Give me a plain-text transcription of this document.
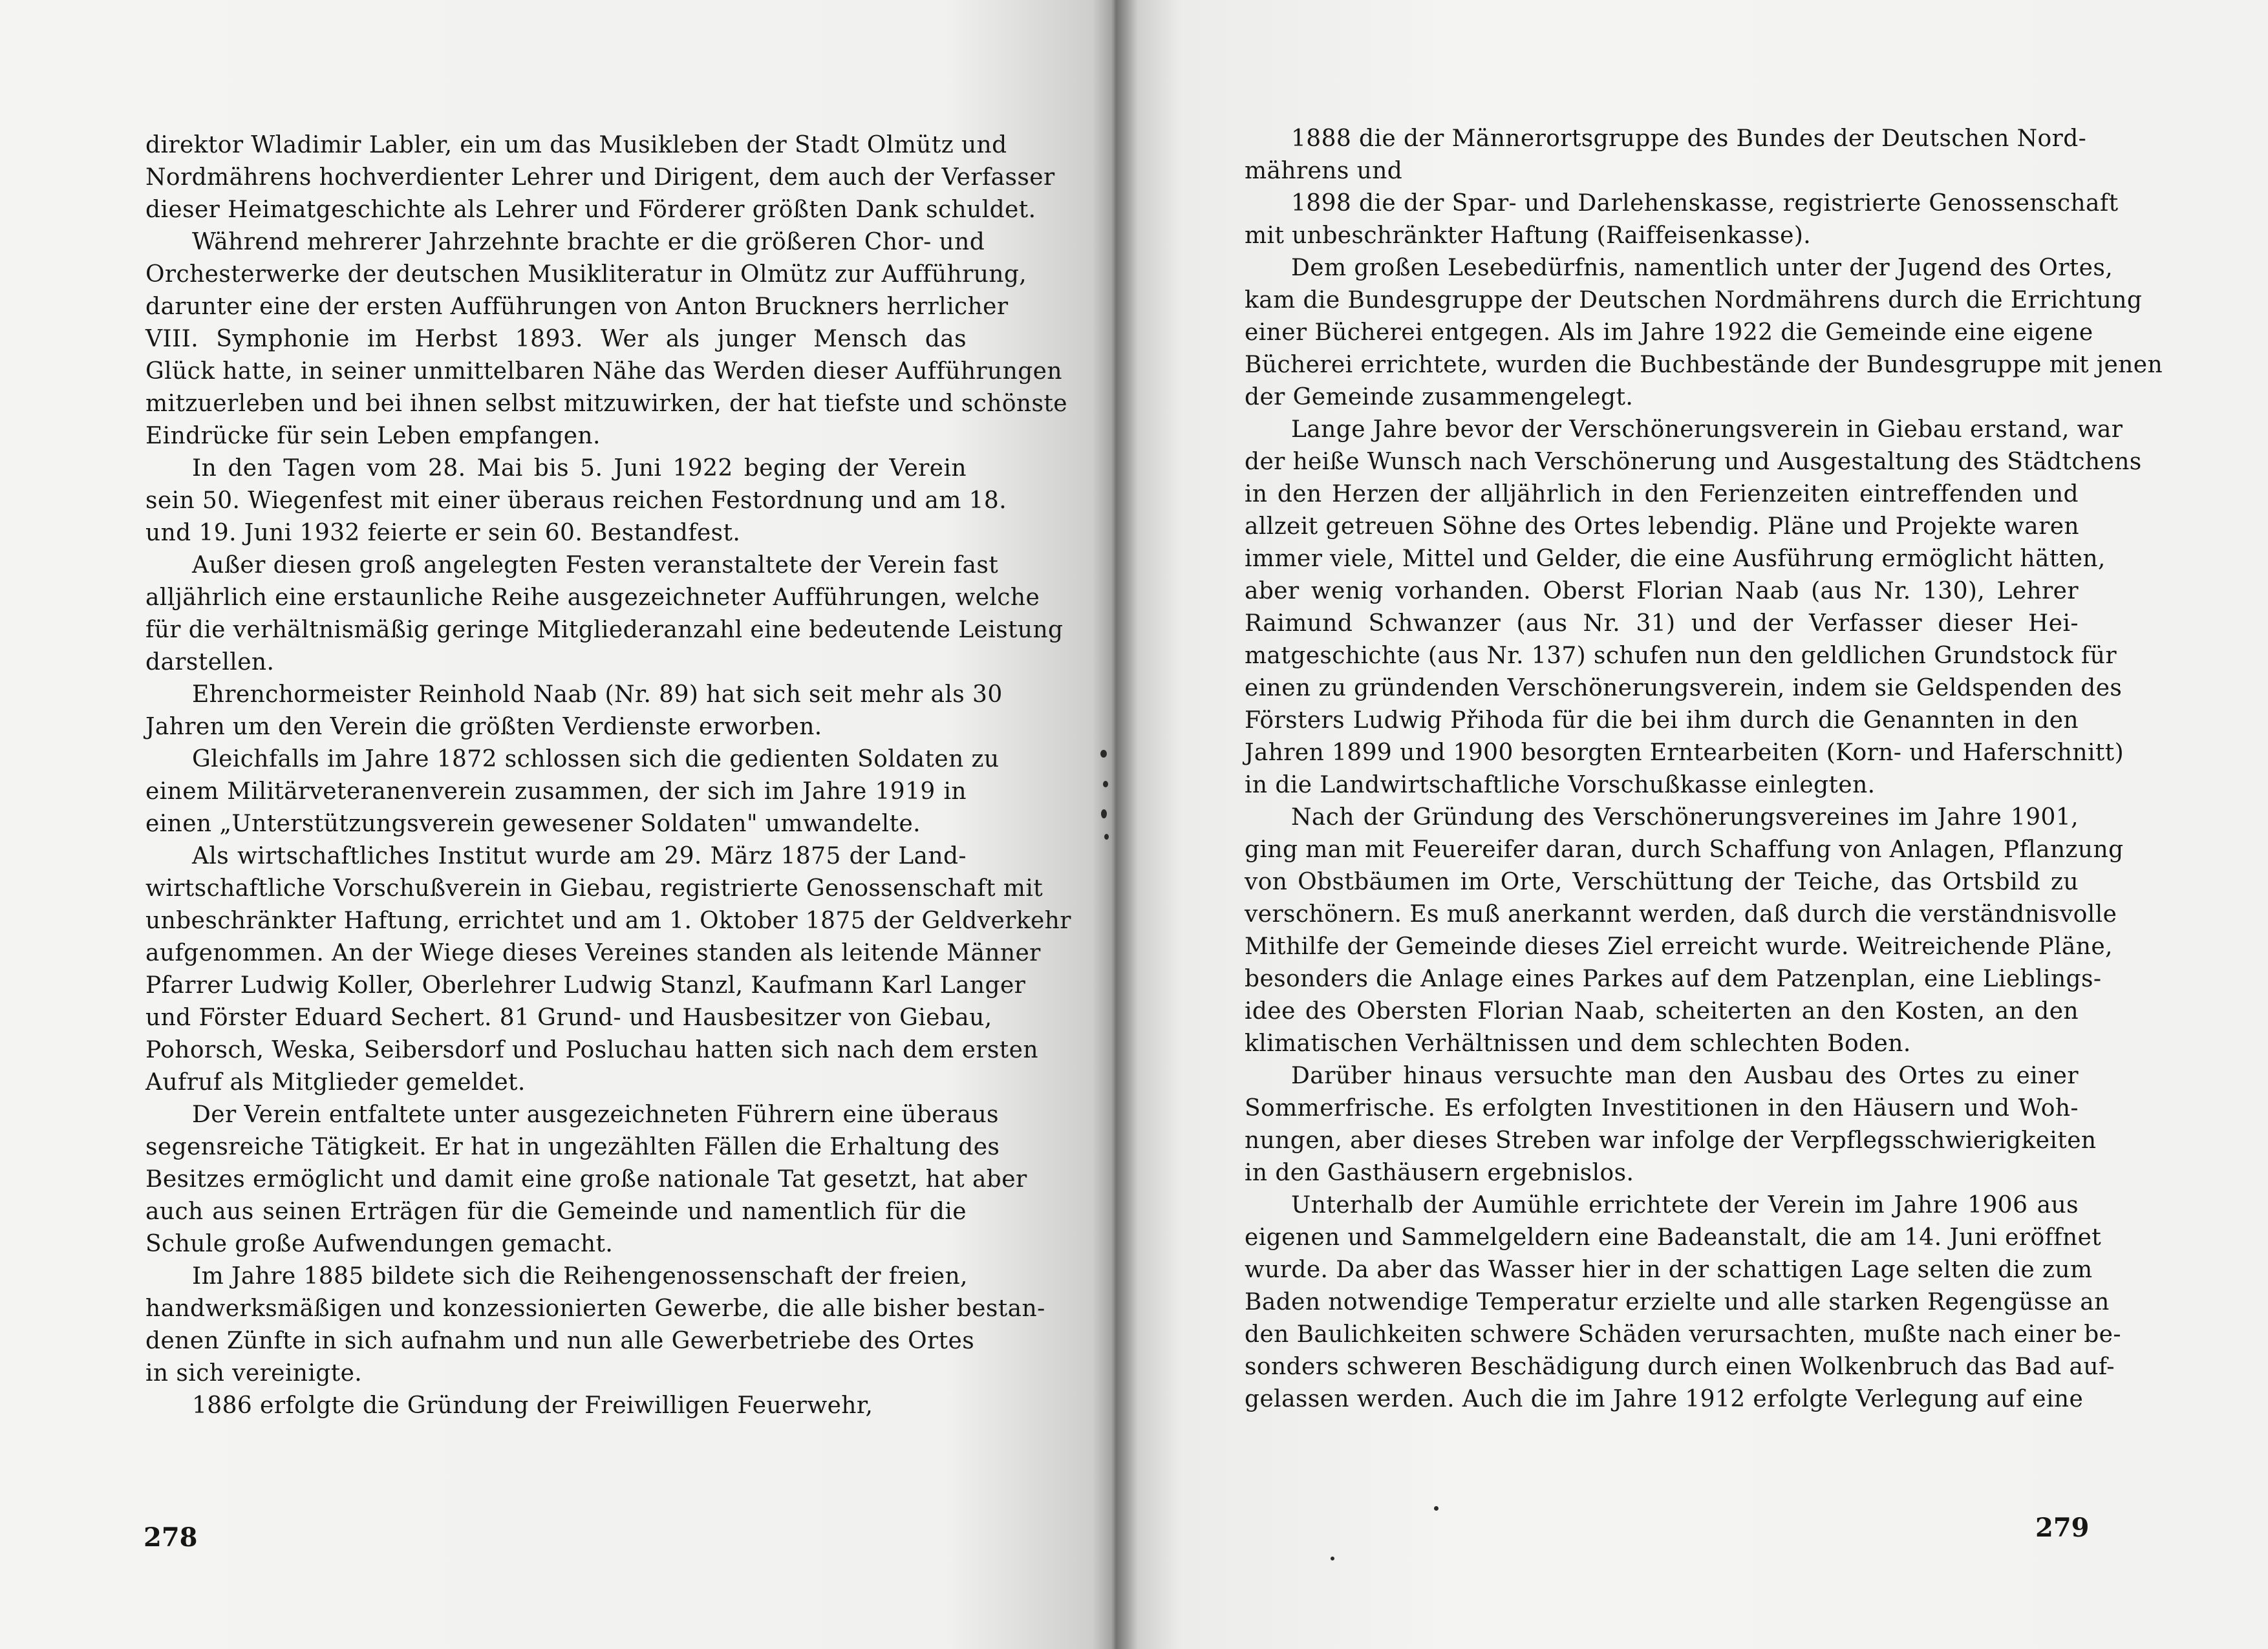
direktor Wladimir Labler, ein um das Musikleben der Stadt Olmütz und
Nordmährens hochverdienter Lehrer und Dirigent, dem auch der Verfasser
dieser Heimatgeschichte als Lehrer und Förderer größten Dank schuldet.
Während mehrerer Jahrzehnte brachte er die größeren Chor- und
Orchesterwerke der deutschen Musikliteratur in Olmütz zur Aufführung,
darunter eine der ersten Aufführungen von Anton Bruckners herrlicher
VIII. Symphonie im Herbst 1893. Wer als junger Mensch das
Glück hatte, in seiner unmittelbaren Nähe das Werden dieser Aufführungen
mitzuerleben und bei ihnen selbst mitzuwirken, der hat tiefste und schönste
Eindrücke für sein Leben empfangen.
In den Tagen vom 28. Mai bis 5. Juni 1922 beging der Verein
sein 50. Wiegenfest mit einer überaus reichen Festordnung und am 18.
und 19. Juni 1932 feierte er sein 60. Bestandfest.
Außer diesen groß angelegten Festen veranstaltete der Verein fast
alljährlich eine erstaunliche Reihe ausgezeichneter Aufführungen, welche
für die verhältnismäßig geringe Mitgliederanzahl eine bedeutende Leistung
darstellen.
Ehrenchormeister Reinhold Naab (Nr. 89) hat sich seit mehr als 30
Jahren um den Verein die größten Verdienste erworben.
Gleichfalls im Jahre 1872 schlossen sich die gedienten Soldaten zu
einem Militärveteranenverein zusammen, der sich im Jahre 1919 in
einen „Unterstützungsverein gewesener Soldaten" umwandelte.
Als wirtschaftliches Institut wurde am 29. März 1875 der Land-
wirtschaftliche Vorschußverein in Giebau, registrierte Genossenschaft mit
unbeschränkter Haftung, errichtet und am 1. Oktober 1875 der Geldverkehr
aufgenommen. An der Wiege dieses Vereines standen als leitende Männer
Pfarrer Ludwig Koller, Oberlehrer Ludwig Stanzl, Kaufmann Karl Langer
und Förster Eduard Sechert. 81 Grund- und Hausbesitzer von Giebau,
Pohorsch, Weska, Seibersdorf und Posluchau hatten sich nach dem ersten
Aufruf als Mitglieder gemeldet.
Der Verein entfaltete unter ausgezeichneten Führern eine überaus
segensreiche Tätigkeit. Er hat in ungezählten Fällen die Erhaltung des
Besitzes ermöglicht und damit eine große nationale Tat gesetzt, hat aber
auch aus seinen Erträgen für die Gemeinde und namentlich für die
Schule große Aufwendungen gemacht.
Im Jahre 1885 bildete sich die Reihengenossenschaft der freien,
handwerksmäßigen und konzessionierten Gewerbe, die alle bisher bestan-
denen Zünfte in sich aufnahm und nun alle Gewerbetriebe des Ortes
in sich vereinigte.
1886 erfolgte die Gründung der Freiwilligen Feuerwehr,
1888 die der Männerortsgruppe des Bundes der Deutschen Nord-
mährens und
1898 die der Spar- und Darlehenskasse, registrierte Genossenschaft
mit unbeschränkter Haftung (Raiffeisenkasse).
Dem großen Lesebedürfnis, namentlich unter der Jugend des Ortes,
kam die Bundesgruppe der Deutschen Nordmährens durch die Errichtung
einer Bücherei entgegen. Als im Jahre 1922 die Gemeinde eine eigene
Bücherei errichtete, wurden die Buchbestände der Bundesgruppe mit jenen
der Gemeinde zusammengelegt.
Lange Jahre bevor der Verschönerungsverein in Giebau erstand, war
der heiße Wunsch nach Verschönerung und Ausgestaltung des Städtchens
in den Herzen der alljährlich in den Ferienzeiten eintreffenden und
allzeit getreuen Söhne des Ortes lebendig. Pläne und Projekte waren
immer viele, Mittel und Gelder, die eine Ausführung ermöglicht hätten,
aber wenig vorhanden. Oberst Florian Naab (aus Nr. 130), Lehrer
Raimund Schwanzer (aus Nr. 31) und der Verfasser dieser Hei-
matgeschichte (aus Nr. 137) schufen nun den geldlichen Grundstock für
einen zu gründenden Verschönerungsverein, indem sie Geldspenden des
Försters Ludwig Přihoda für die bei ihm durch die Genannten in den
Jahren 1899 und 1900 besorgten Erntearbeiten (Korn- und Haferschnitt)
in die Landwirtschaftliche Vorschußkasse einlegten.
Nach der Gründung des Verschönerungsvereines im Jahre 1901,
ging man mit Feuereifer daran, durch Schaffung von Anlagen, Pflanzung
von Obstbäumen im Orte, Verschüttung der Teiche, das Ortsbild zu
verschönern. Es muß anerkannt werden, daß durch die verständnisvolle
Mithilfe der Gemeinde dieses Ziel erreicht wurde. Weitreichende Pläne,
besonders die Anlage eines Parkes auf dem Patzenplan, eine Lieblings-
idee des Obersten Florian Naab, scheiterten an den Kosten, an den
klimatischen Verhältnissen und dem schlechten Boden.
Darüber hinaus versuchte man den Ausbau des Ortes zu einer
Sommerfrische. Es erfolgten Investitionen in den Häusern und Woh-
nungen, aber dieses Streben war infolge der Verpflegsschwierigkeiten
in den Gasthäusern ergebnislos.
Unterhalb der Aumühle errichtete der Verein im Jahre 1906 aus
eigenen und Sammelgeldern eine Badeanstalt, die am 14. Juni eröffnet
wurde. Da aber das Wasser hier in der schattigen Lage selten die zum
Baden notwendige Temperatur erzielte und alle starken Regengüsse an
den Baulichkeiten schwere Schäden verursachten, mußte nach einer be-
sonders schweren Beschädigung durch einen Wolkenbruch das Bad auf-
gelassen werden. Auch die im Jahre 1912 erfolgte Verlegung auf eine
278	279
